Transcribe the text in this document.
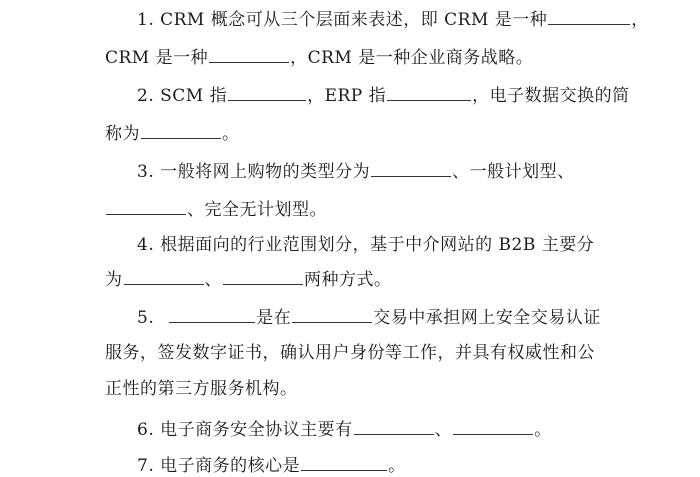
1. CRM 概念可从三个层面来表述，即 CRM 是一种	，
CRM 是一种	，CRM 是一种企业商务战略。
2. SCM 指	，ERP 指	，电子数据交换的简
称为	。
3. 一般将网上购物的类型分为	、一般计划型、
、完全无计划型。
4. 根据面向的行业范围划分，基于中介网站的 B2B 主要分
为	、	两种方式。
5.	是在	交易中承担网上安全交易认证
服务，签发数字证书，确认用户身份等工作，并具有权威性和公
正性的第三方服务机构。
6. 电子商务安全协议主要有	、	。
7. 电子商务的核心是	。
